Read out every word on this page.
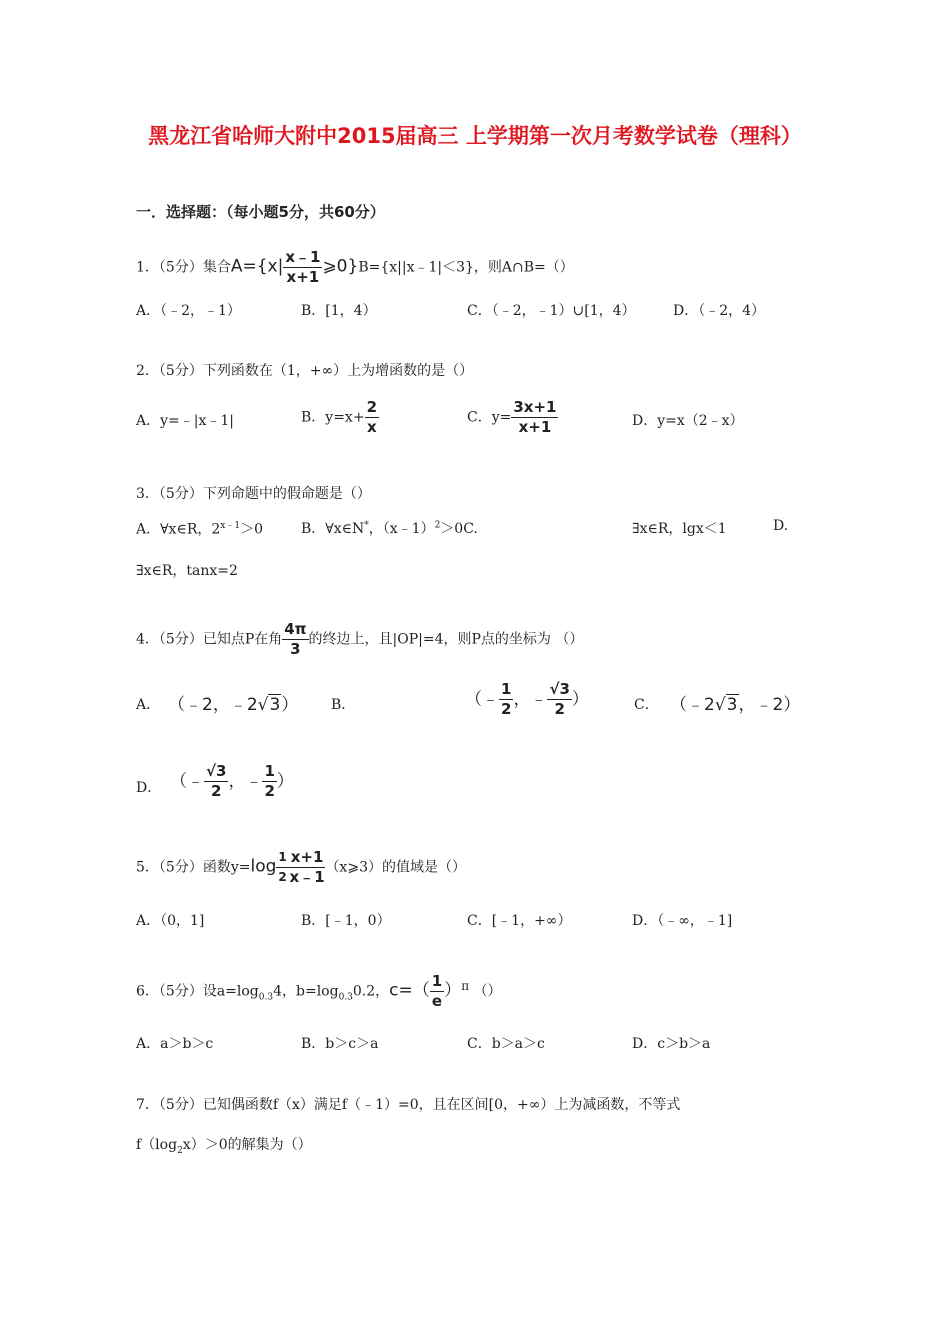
黑龙江省哈师大附中2015届高三 上学期第一次月考数学试卷（理科）
一．选择题：（每小题5分，共60分）
1．（5分）集合$A=\{x| \frac{x﹣1}{x+1}$ ⩾0}B={x||x﹣1|＜3}，则A∩B=（）
A．（﹣2，﹣1）	B．[1，4）	C．（﹣2，﹣1）∪[1，4）	D．（﹣2，4）
2．（5分）下列函数在（1，+∞）上为增函数的是（）
A．y=﹣|x﹣1|	B．$y=x+ \frac{2}{x}$	C．$y= \frac{3x+1}{x+1}$	D．y=x（2﹣x）
3．（5分）下列命题中的假命题是（）
A．∀x∈R，$2^{x﹣1}>0$	B．∀x∈N*，（x﹣1）$^2$＞0C.	∃x∈R，lgx＜1	D.
∃x∈R，tanx=2
4．（5分）已知点P在角 $\frac{4\pi}{3}$ 的终边上，且|OP|=4，则P点的坐标为 （）
A． （﹣2，﹣2√3） B．	（﹣ $\frac{1}{2}$ ，﹣ $\frac{√3}{2}$ ）	C． （﹣2√3，﹣2）
D． （﹣ $\frac{√3}{2}$ ，﹣ $\frac{1}{2}$ ）
5．（5分）函数$y=\log \frac{1}{2} \frac{x+1}{x﹣1}$ （x⩾3）的值域是（）
A．（0，1]	B．[﹣1，0）	C．[﹣1，+∞）	D．（﹣∞，﹣1]
6．（5分）设$a=\log_{0.3}4$，$b=\log_{0.3}0.2$，$c=( \frac{1}{e} )\pi$ （）
A．a＞b＞c	B．b＞c＞a	C．b＞a＞c	D．c＞b＞a
7．（5分）已知偶函数f（x）满足f（﹣1）=0，且在区间[0，+∞）上为减函数，不等式
$f(\log_2x)>0$的解集为（）
